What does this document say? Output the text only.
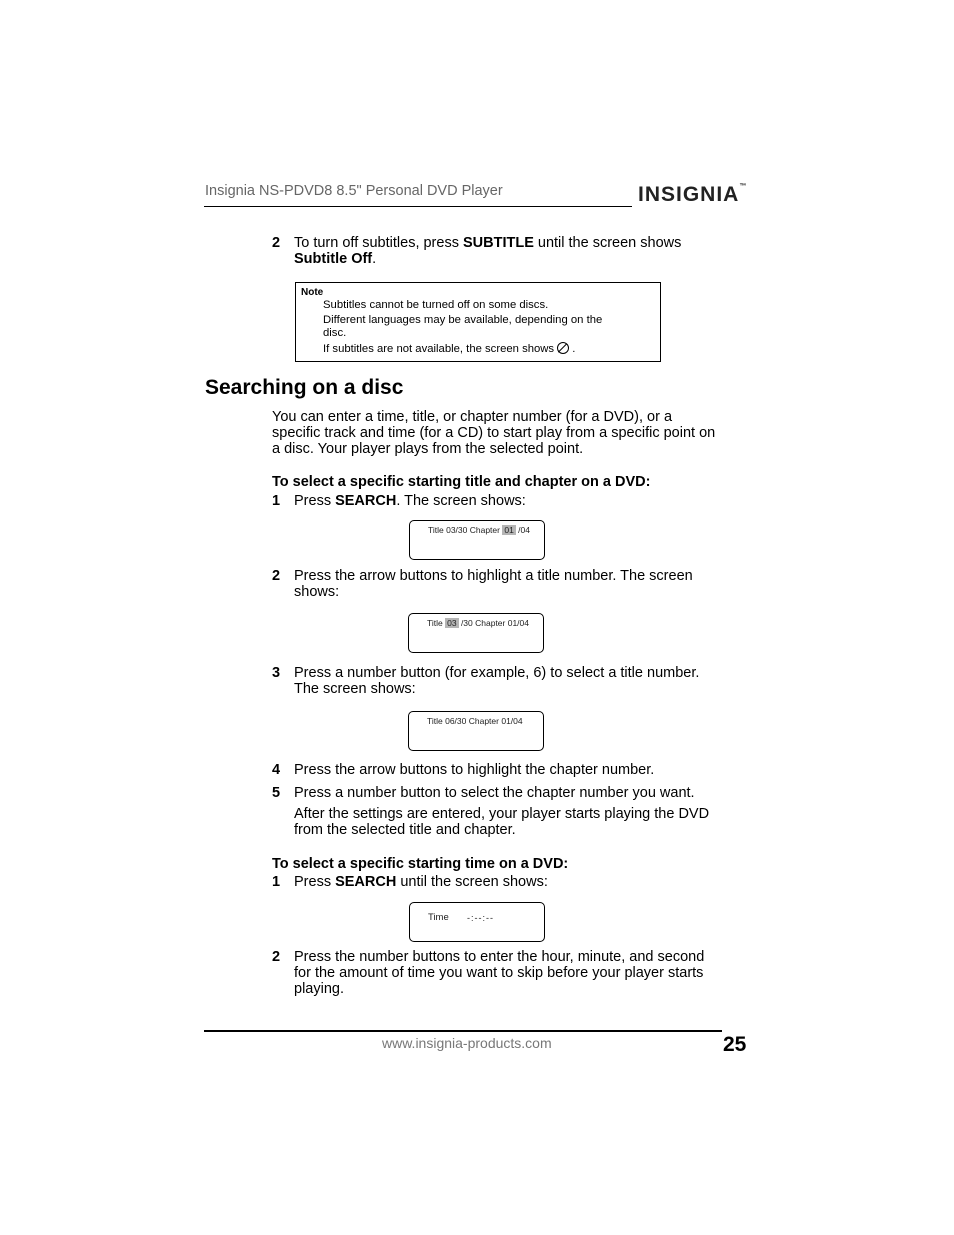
Insignia NS-PDVD8 8.5" Personal DVD Player	INSIGNIA™
2 To turn off subtitles, press SUBTITLE until the screen shows
Subtitle Off.
Note
Subtitles cannot be turned off on some discs.
Different languages may be available, depending on the
disc.
If subtitles are not available, the screen shows .
Searching on a disc
You can enter a time, title, or chapter number (for a DVD), or a
specific track and time (for a CD) to start play from a specific point on
a disc. Your player plays from the selected point.
To select a specific starting title and chapter on a DVD:
1 Press SEARCH. The screen shows:
Title 03/30 Chapter 01 /04
2 Press the arrow buttons to highlight a title number. The screen
shows:
Title 03 /30 Chapter 01/04
3 Press a number button (for example, 6) to select a title number.
The screen shows:
Title 06/30 Chapter 01/04
4 Press the arrow buttons to highlight the chapter number.
5 Press a number button to select the chapter number you want.
After the settings are entered, your player starts playing the DVD
from the selected title and chapter.
To select a specific starting time on a DVD:
1 Press SEARCH until the screen shows:
Time -:--:--
2 Press the number buttons to enter the hour, minute, and second
for the amount of time you want to skip before your player starts
playing.
www.insignia-products.com	25
